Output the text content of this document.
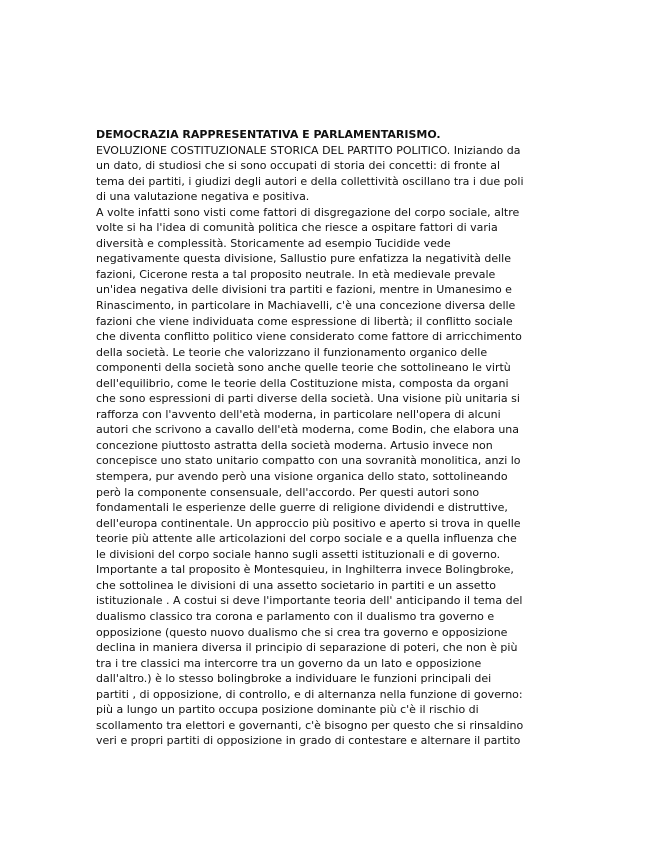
DEMOCRAZIA RAPPRESENTATIVA E PARLAMENTARISMO.
EVOLUZIONE COSTITUZIONALE STORICA DEL PARTITO POLITICO. Iniziando da
un dato, di studiosi che si sono occupati di storia dei concetti: di fronte al
tema dei partiti, i giudizi degli autori e della collettività oscillano tra i due poli
di una valutazione negativa e positiva.
A volte infatti sono visti come fattori di disgregazione del corpo sociale, altre
volte si ha l'idea di comunità politica che riesce a ospitare fattori di varia
diversità e complessità. Storicamente ad esempio Tucidide vede
negativamente questa divisione, Sallustio pure enfatizza la negatività delle
fazioni, Cicerone resta a tal proposito neutrale. In età medievale prevale
un'idea negativa delle divisioni tra partiti e fazioni, mentre in Umanesimo e
Rinascimento, in particolare in Machiavelli, c'è una concezione diversa delle
fazioni che viene individuata come espressione di libertà; il conflitto sociale
che diventa conflitto politico viene considerato come fattore di arricchimento
della società. Le teorie che valorizzano il funzionamento organico delle
componenti della società sono anche quelle teorie che sottolineano le virtù
dell'equilibrio, come le teorie della Costituzione mista, composta da organi
che sono espressioni di parti diverse della società. Una visione più unitaria si
rafforza con l'avvento dell'età moderna, in particolare nell'opera di alcuni
autori che scrivono a cavallo dell'età moderna, come Bodin, che elabora una
concezione piuttosto astratta della società moderna. Artusio invece non
concepisce uno stato unitario compatto con una sovranità monolitica, anzi lo
stempera, pur avendo però una visione organica dello stato, sottolineando
però la componente consensuale, dell'accordo. Per questi autori sono
fondamentali le esperienze delle guerre di religione dividendi e distruttive,
dell'europa continentale. Un approccio più positivo e aperto si trova in quelle
teorie più attente alle articolazioni del corpo sociale e a quella influenza che
le divisioni del corpo sociale hanno sugli assetti istituzionali e di governo.
Importante a tal proposito è Montesquieu, in Inghilterra invece Bolingbroke,
che sottolinea le divisioni di una assetto societario in partiti e un assetto
istituzionale . A costui si deve l'importante teoria dell' anticipando il tema del
dualismo classico tra corona e parlamento con il dualismo tra governo e
opposizione (questo nuovo dualismo che si crea tra governo e opposizione
declina in maniera diversa il principio di separazione di poteri, che non è più
tra i tre classici ma intercorre tra un governo da un lato e opposizione
dall'altro.) è lo stesso bolingbroke a individuare le funzioni principali dei
partiti , di opposizione, di controllo, e di alternanza nella funzione di governo:
più a lungo un partito occupa posizione dominante più c'è il rischio di
scollamento tra elettori e governanti, c'è bisogno per questo che si rinsaldino
veri e propri partiti di opposizione in grado di contestare e alternare il partito
